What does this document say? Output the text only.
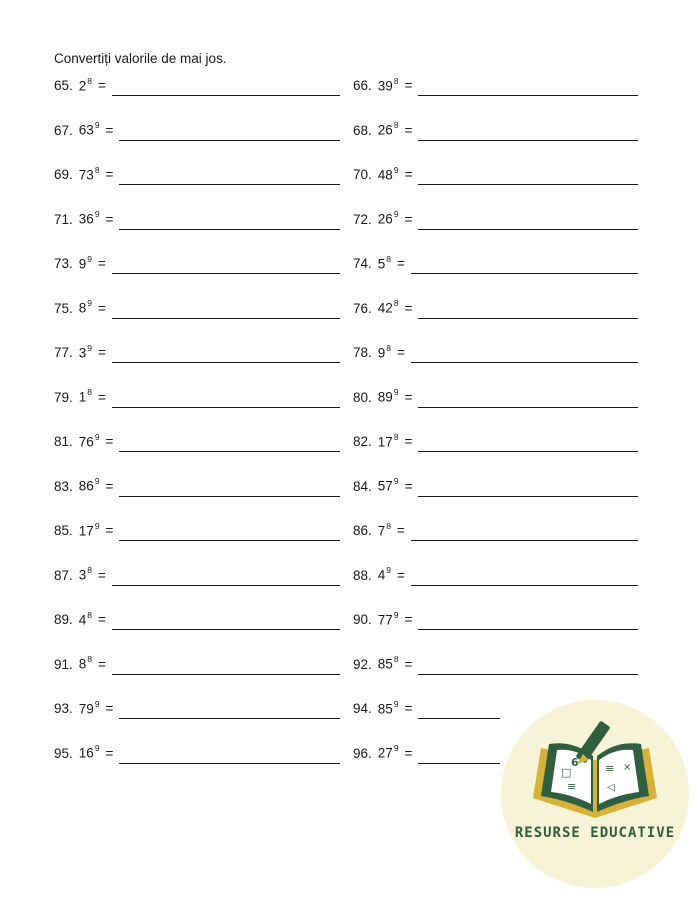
Convertiți valorile de mai jos.
65. $2^8$ =	66. $39^8$ =
67. $63^9$ =	68. $26^8$ =
69. $73^8$ =	70. $48^9$ =
71. $36^9$ =	72. $26^9$ =
73. $9^9$ =	74. $5^8$ =
75. $8^9$ =	76. $42^8$ =
77. $3^9$ =	78. $9^8$ =
79. $1^8$ =	80. $89^9$ =
81. $76^9$ =	82. $17^8$ =
83. $86^9$ =	84. $57^9$ =
85. $17^9$ =	86. $7^8$ =
87. $3^8$ =	88. $4^9$ =
89. $4^8$ =	90. $77^9$ =
91. $8^8$ =	92. $85^8$ =
93. $79^9$ =	94. $85^9$ =
95. $16^9$ =	96. $27^9$ =
□
6
≡
≡ ×
◁
RESURSE EDUCATIVE
